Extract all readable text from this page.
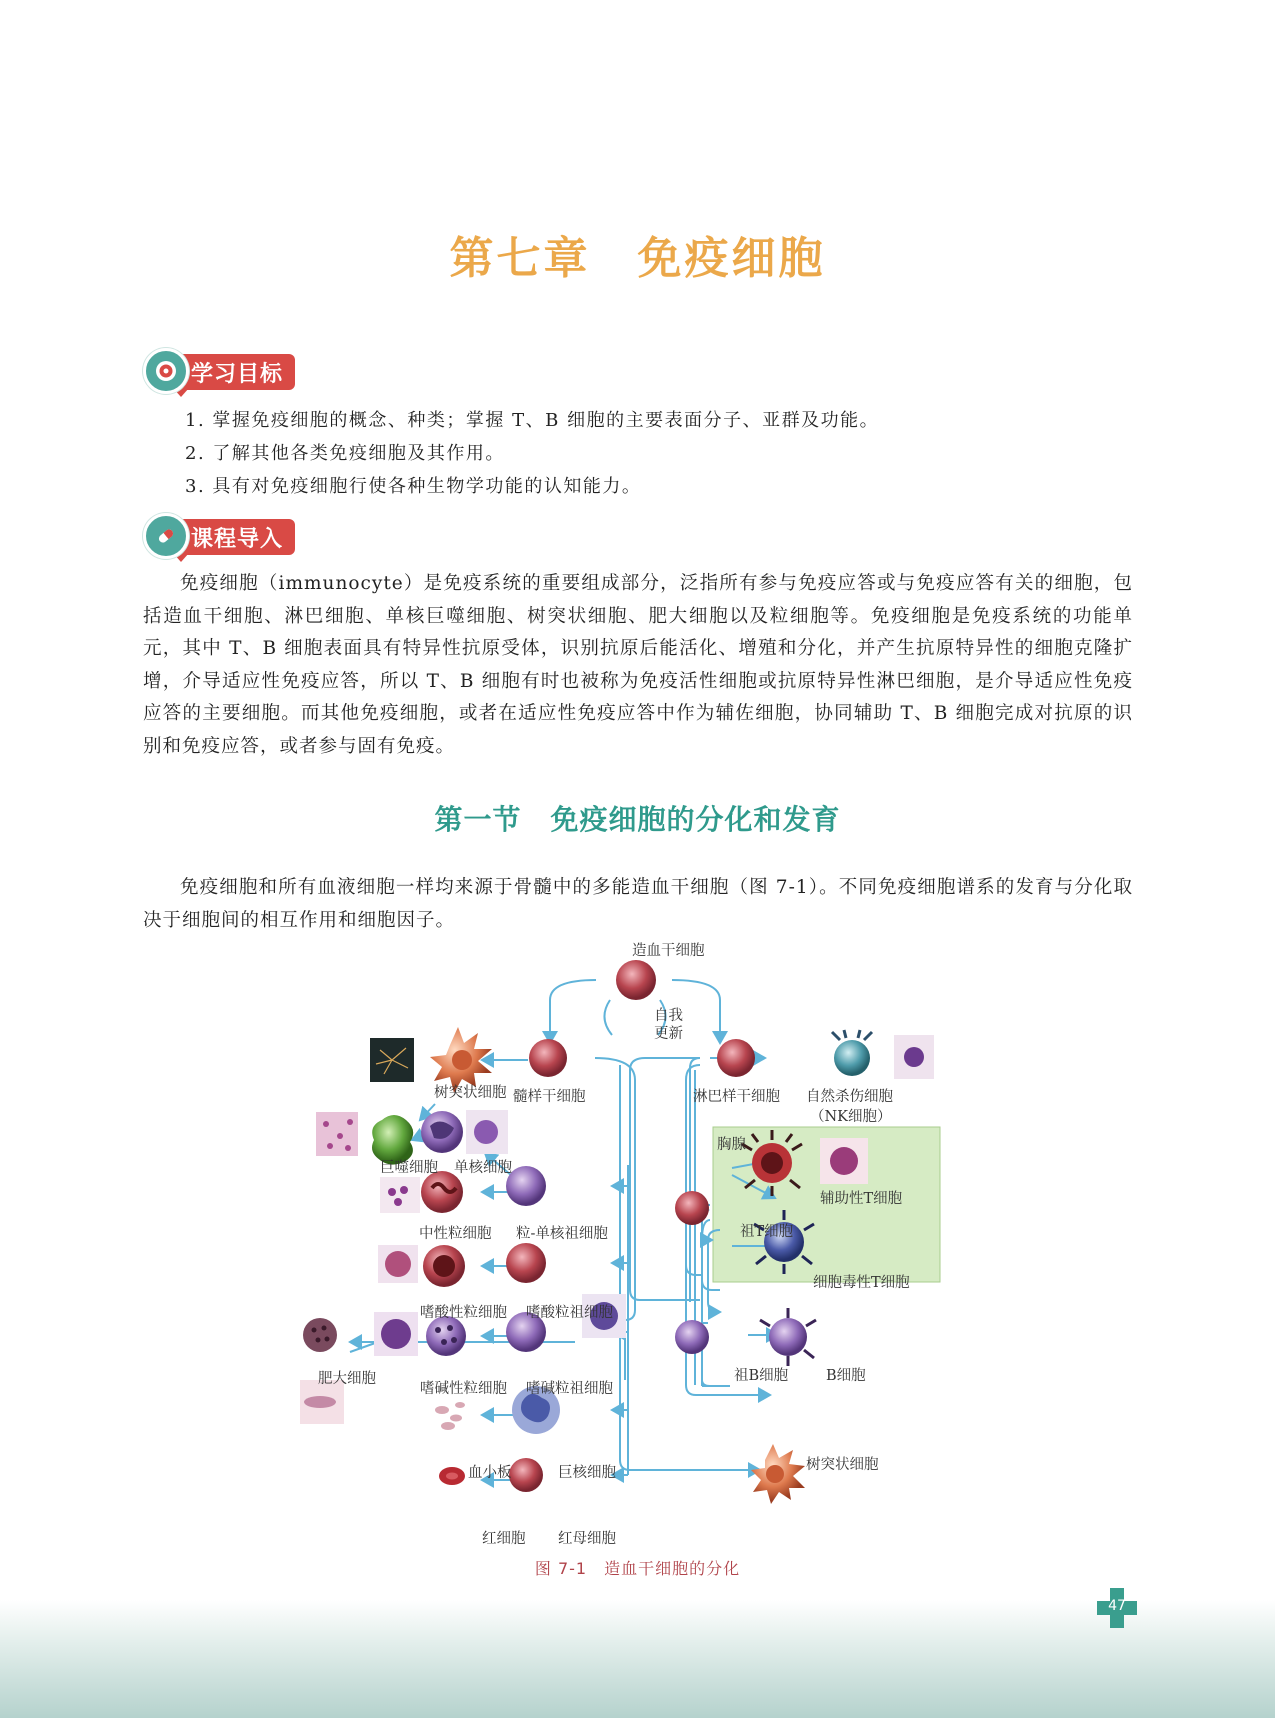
第七章　免疫细胞
学习目标
1. 掌握免疫细胞的概念、种类；掌握 T、B 细胞的主要表面分子、亚群及功能。
2. 了解其他各类免疫细胞及其作用。
3. 具有对免疫细胞行使各种生物学功能的认知能力。
课程导入

免疫细胞（immunocyte）是免疫系统的重要组成部分，泛指所有参与免疫应答或与免疫应答有关的细胞，包括造血干细胞、淋巴细胞、单核巨噬细胞、树突状细胞、肥大细胞以及粒细胞等。免疫细胞是免疫系统的功能单元，其中 T、B 细胞表面具有特异性抗原受体，识别抗原后能活化、增殖和分化，并产生抗原特异性的细胞克隆扩增，介导适应性免疫应答，所以 T、B 细胞有时也被称为免疫活性细胞或抗原特异性淋巴细胞，是介导适应性免疫应答的主要细胞。而其他免疫细胞，或者在适应性免疫应答中作为辅佐细胞，协同辅助 T、B 细胞完成对抗原的识别和免疫应答，或者参与固有免疫。

第一节　免疫细胞的分化和发育

免疫细胞和所有血液细胞一样均来源于骨髓中的多能造血干细胞（图 7-1）。不同免疫细胞谱系的发育与分化取决于细胞间的相互作用和细胞因子。

造血干细胞
自我
更新
髓样干细胞	淋巴样干细胞
树突状细胞	自然杀伤细胞
（NK细胞）
巨噬细胞 单核细胞
胸腺
中性粒细胞 粒-单核祖细胞
辅助性T细胞
祖T细胞
嗜酸性粒细胞 嗜酸粒祖细胞
细胞毒性T细胞
肥大细胞
嗜碱性粒细胞 嗜碱粒祖细胞
祖B细胞	B细胞
血小板	巨核细胞	树突状细胞
红细胞 红母细胞
图 7-1　造血干细胞的分化
47
